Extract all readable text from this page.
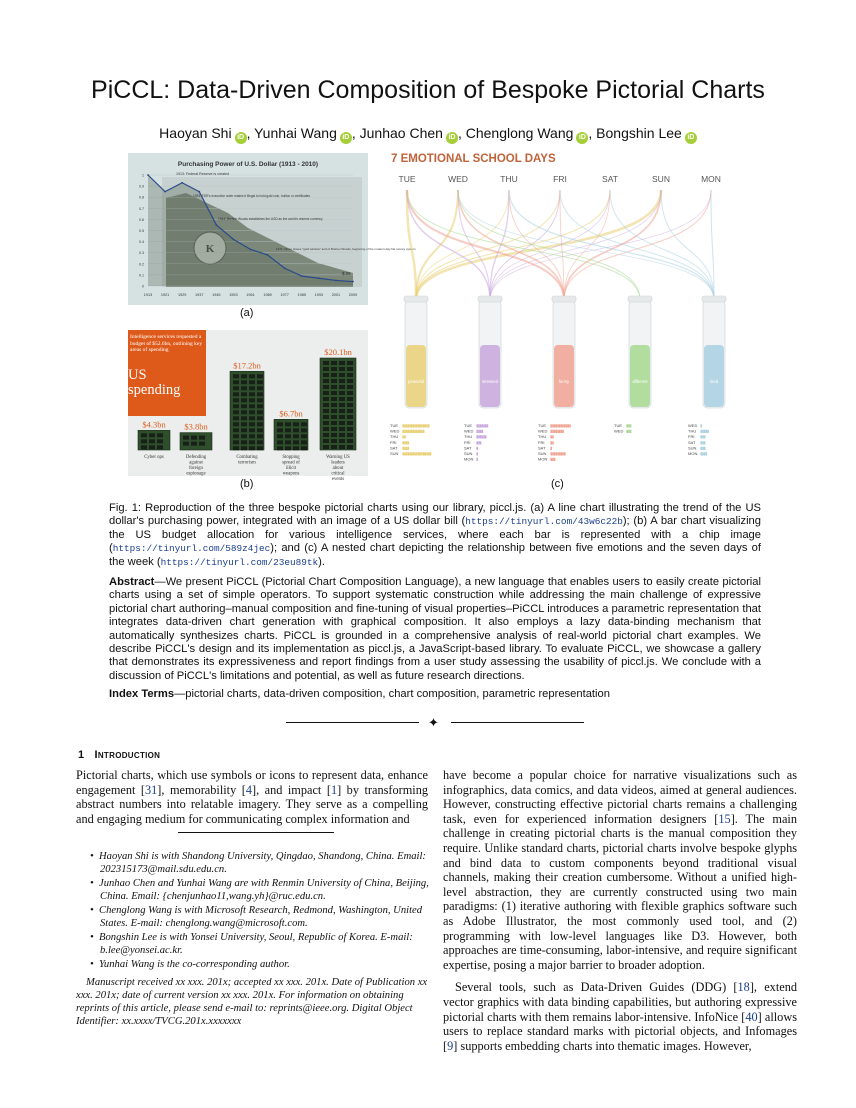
PiCCL: Data-Driven Composition of Bespoke Pictorial Charts
Haoyan Shi iD , Yunhai Wang iD , Junhao Chen iD , Chenglong Wang iD , Bongshin Lee iD
Purchasing Power of U.S. Dollar (1913 - 2010)
K
1
0.9
0.8
0.7
0.6
0.5
0.4
0.3
0.2
0.1
0
1913 1921 1929 1937 1945 1953 1961 1969 1977 1985 1993 2001 2009
1913: Federal Reserve is created
1933: FDR's executive order makes it illegal to hold gold coin, bullion or certificates
1944: Bretton Woods establishes the USD as the world's reserve currency
1971: Nixon closes "gold window" and of Bretton Woods, beginning of the modern-day fiat money system
$.05
(a)
Intelligence services requested a budget of $52.6bn, outlining key areas of spending
US spending
$4.3bn
Cyber ops
$3.8bn
Defending
against
foreign
espionage
$17.2bn
Combating
terrorism
$6.7bn
Stopping
spread of
illicit
weapons
$20.1bn
Warning US
leaders
about
critical
events
(b)
7 EMOTIONAL SCHOOL DAYS
TUE	WED	THU	FRI	SAT	SUN	MON
peaceful
TUE ▮▮▮▮▮▮▮▮▮▮▮▮▮▮▮▮
WED ▮▮▮▮▮▮▮▮▮▮▮▮▮
THU ▮▮
FRI ▮▮▮▮
SAT ▮▮▮▮
SUN ▮▮▮▮▮▮▮▮▮▮▮▮▮▮▮▮▮
stressed
TUE ▮▮▮▮▮▮▮
WED ▮▮▮▮
THU ▮▮▮▮▮▮
FRI ▮▮▮
SAT ▮
SUN ▮
MON ▮
funny
TUE ▮▮▮▮▮▮▮▮▮▮▮▮
WED ▮▮▮▮▮▮▮▮
THU ▮▮
FRI ▮▮
SAT ▮
SUN ▮▮▮▮▮▮▮▮▮
MON ▮▮▮
different
TUE ▮▮▮
WED ▮▮▮
tired
WED ▮
THU ▮▮▮▮▮
FRI ▮▮▮
SAT ▮▮▮
SUN ▮▮▮
MON ▮▮▮▮
(c)
Fig. 1: Reproduction of the three bespoke pictorial charts using our library, piccl.js. (a) A line chart illustrating the trend of the US dollar's purchasing power, integrated with an image of a US dollar bill (https://tinyurl.com/43w6c22b); (b) A bar chart visualizing the US budget allocation for various intelligence services, where each bar is represented with a chip image (https://tinyurl.com/589z4jec); and (c) A nested chart depicting the relationship between five emotions and the seven days of the week (https://tinyurl.com/23eu89tk).
Abstract—We present PiCCL (Pictorial Chart Composition Language), a new language that enables users to easily create pictorial charts using a set of simple operators. To support systematic construction while addressing the main challenge of expressive pictorial chart authoring–manual composition and fine-tuning of visual properties–PiCCL introduces a parametric representation that integrates data-driven chart generation with graphical composition. It also employs a lazy data-binding mechanism that automatically synthesizes charts. PiCCL is grounded in a comprehensive analysis of real-world pictorial chart examples. We describe PiCCL's design and its implementation as piccl.js, a JavaScript-based library. To evaluate PiCCL, we showcase a gallery that demonstrates its expressiveness and report findings from a user study assessing the usability of piccl.js. We conclude with a discussion of PiCCL's limitations and potential, as well as future research directions.
Index Terms—pictorial charts, data-driven composition, chart composition, parametric representation
✦
1 Introduction
Pictorial charts, which use symbols or icons to represent data, enhance engagement [31], memorability [4], and impact [1] by transforming abstract numbers into relatable imagery. They serve as a compelling and engaging medium for communicating complex information and
•  Haoyan Shi is with Shandong University, Qingdao, Shandong, China. Email: 202315173@mail.sdu.edu.cn.
•  Junhao Chen and Yunhai Wang are with Renmin University of China, Beijing, China. Email: {chenjunhao11,wang.yh}@ruc.edu.cn.
•  Chenglong Wang is with Microsoft Research, Redmond, Washington, United States. E-mail: chenglong.wang@microsoft.com.
•  Bongshin Lee is with Yonsei University, Seoul, Republic of Korea. E-mail: b.lee@yonsei.ac.kr.
•  Yunhai Wang is the co-corresponding author.
Manuscript received xx xxx. 201x; accepted xx xxx. 201x. Date of Publication xx xxx. 201x; date of current version xx xxx. 201x. For information on obtaining reprints of this article, please send e-mail to: reprints@ieee.org. Digital Object Identifier: xx.xxxx/TVCG.201x.xxxxxxx
have become a popular choice for narrative visualizations such as infographics, data comics, and data videos, aimed at general audiences. However, constructing effective pictorial charts remains a challenging task, even for experienced information designers [15]. The main challenge in creating pictorial charts is the manual composition they require. Unlike standard charts, pictorial charts involve bespoke glyphs and bind data to custom components beyond traditional visual channels, making their creation cumbersome. Without a unified high-level abstraction, they are currently constructed using two main paradigms: (1) iterative authoring with flexible graphics software such as Adobe Illustrator, the most commonly used tool, and (2) programming with low-level languages like D3. However, both approaches are time-consuming, labor-intensive, and require significant expertise, posing a major barrier to broader adoption.
Several tools, such as Data-Driven Guides (DDG) [18], extend vector graphics with data binding capabilities, but authoring expressive pictorial charts with them remains labor-intensive. InfoNice [40] allows users to replace standard marks with pictorial objects, and Infomages [9] supports embedding charts into thematic images. However,
